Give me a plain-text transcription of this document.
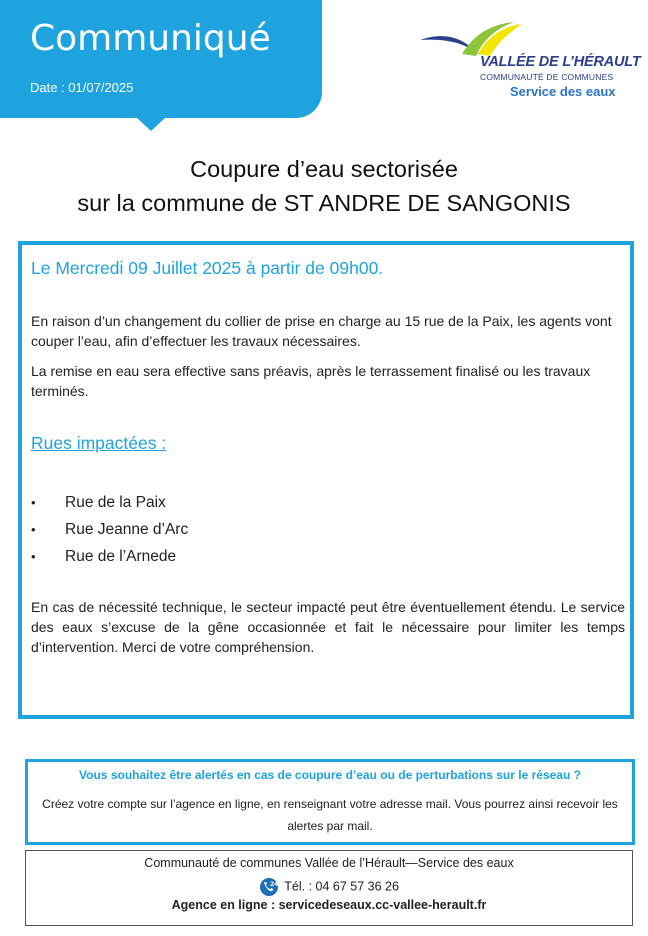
Communiqué
Date : 01/07/2025
VALLÉE DE L’HÉRAULT
COMMUNAUTÉ DE COMMUNES
Service des eaux
Coupure d’eau sectorisée
sur la commune de ST ANDRE DE SANGONIS
Le Mercredi 09 Juillet 2025 à partir de 09h00.

En raison d’un changement du collier de prise en charge au 15 rue de la Paix, les agents vont couper l’eau, afin d’effectuer les travaux nécessaires.

La remise en eau sera effective sans préavis, après le terrassement finalisé ou les travaux terminés.

Rues impactées :
• Rue de la Paix
• Rue Jeanne d’Arc
• Rue de l’Arnede

En cas de nécessité technique, le secteur impacté peut être éventuellement étendu. Le service des eaux s’excuse de la gêne occasionnée et fait le nécessaire pour limiter les temps d’intervention. Merci de votre compréhension.

Vous souhaitez être alertés en cas de coupure d’eau ou de perturbations sur le réseau ?
Créez votre compte sur l’agence en ligne, en renseignant votre adresse mail. Vous pourrez ainsi recevoir les alertes par mail.
Communauté de communes Vallée de l’Hérault—Service des eaux
24 Tél. : 04 67 57 36 26
Agence en ligne : servicedeseaux.cc-vallee-herault.fr
